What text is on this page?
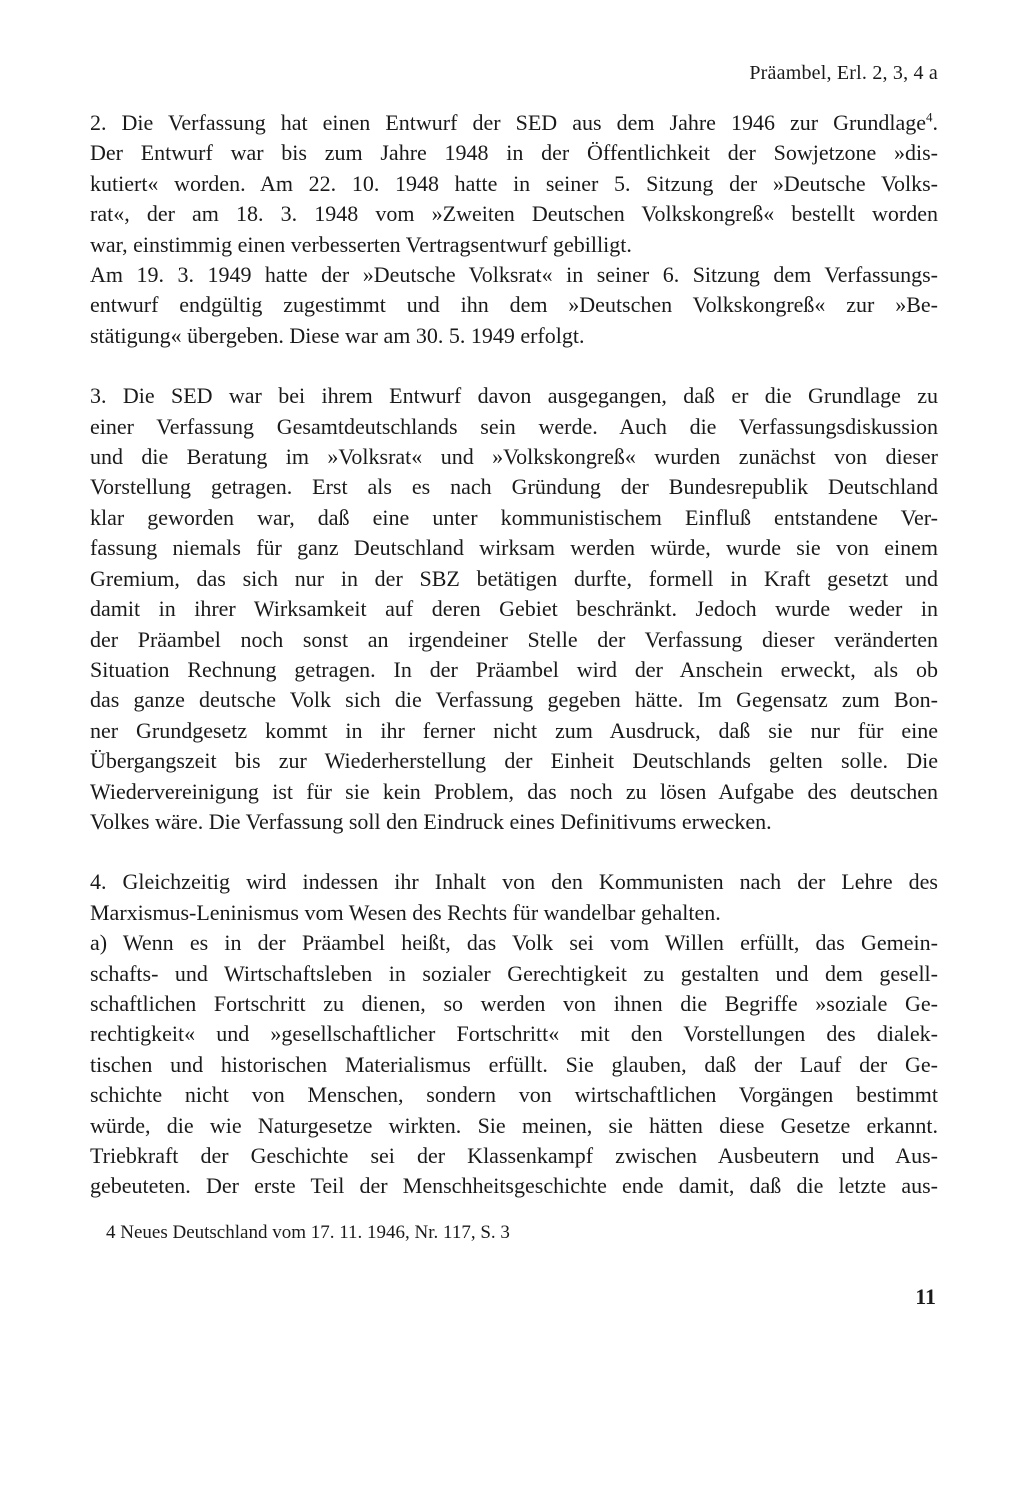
Präambel, Erl. 2, 3, 4 a
2. Die Verfassung hat einen Entwurf der SED aus dem Jahre 1946 zur Grundlage$^4$.
Der Entwurf war bis zum Jahre 1948 in der Öffentlichkeit der Sowjetzone »dis-
kutiert« worden. Am 22. 10. 1948 hatte in seiner 5. Sitzung der »Deutsche Volks-
rat«, der am 18. 3. 1948 vom »Zweiten Deutschen Volkskongreß« bestellt worden
war, einstimmig einen verbesserten Vertragsentwurf gebilligt.
Am 19. 3. 1949 hatte der »Deutsche Volksrat« in seiner 6. Sitzung dem Verfassungs-
entwurf endgültig zugestimmt und ihn dem »Deutschen Volkskongreß« zur »Be-
stätigung« übergeben. Diese war am 30. 5. 1949 erfolgt.
3. Die SED war bei ihrem Entwurf davon ausgegangen, daß er die Grundlage zu
einer Verfassung Gesamtdeutschlands sein werde. Auch die Verfassungsdiskussion
und die Beratung im »Volksrat« und »Volkskongreß« wurden zunächst von dieser
Vorstellung getragen. Erst als es nach Gründung der Bundesrepublik Deutschland
klar geworden war, daß eine unter kommunistischem Einfluß entstandene Ver-
fassung niemals für ganz Deutschland wirksam werden würde, wurde sie von einem
Gremium, das sich nur in der SBZ betätigen durfte, formell in Kraft gesetzt und
damit in ihrer Wirksamkeit auf deren Gebiet beschränkt. Jedoch wurde weder in
der Präambel noch sonst an irgendeiner Stelle der Verfassung dieser veränderten
Situation Rechnung getragen. In der Präambel wird der Anschein erweckt, als ob
das ganze deutsche Volk sich die Verfassung gegeben hätte. Im Gegensatz zum Bon-
ner Grundgesetz kommt in ihr ferner nicht zum Ausdruck, daß sie nur für eine
Übergangszeit bis zur Wiederherstellung der Einheit Deutschlands gelten solle. Die
Wiedervereinigung ist für sie kein Problem, das noch zu lösen Aufgabe des deutschen
Volkes wäre. Die Verfassung soll den Eindruck eines Definitivums erwecken.
4. Gleichzeitig wird indessen ihr Inhalt von den Kommunisten nach der Lehre des
Marxismus-Leninismus vom Wesen des Rechts für wandelbar gehalten.
a) Wenn es in der Präambel heißt, das Volk sei vom Willen erfüllt, das Gemein-
schafts- und Wirtschaftsleben in sozialer Gerechtigkeit zu gestalten und dem gesell-
schaftlichen Fortschritt zu dienen, so werden von ihnen die Begriffe »soziale Ge-
rechtigkeit« und »gesellschaftlicher Fortschritt« mit den Vorstellungen des dialek-
tischen und historischen Materialismus erfüllt. Sie glauben, daß der Lauf der Ge-
schichte nicht von Menschen, sondern von wirtschaftlichen Vorgängen bestimmt
würde, die wie Naturgesetze wirkten. Sie meinen, sie hätten diese Gesetze erkannt.
Triebkraft der Geschichte sei der Klassenkampf zwischen Ausbeutern und Aus-
gebeuteten. Der erste Teil der Menschheitsgeschichte ende damit, daß die letzte aus-
4 Neues Deutschland vom 17. 11. 1946, Nr. 117, S. 3
11
